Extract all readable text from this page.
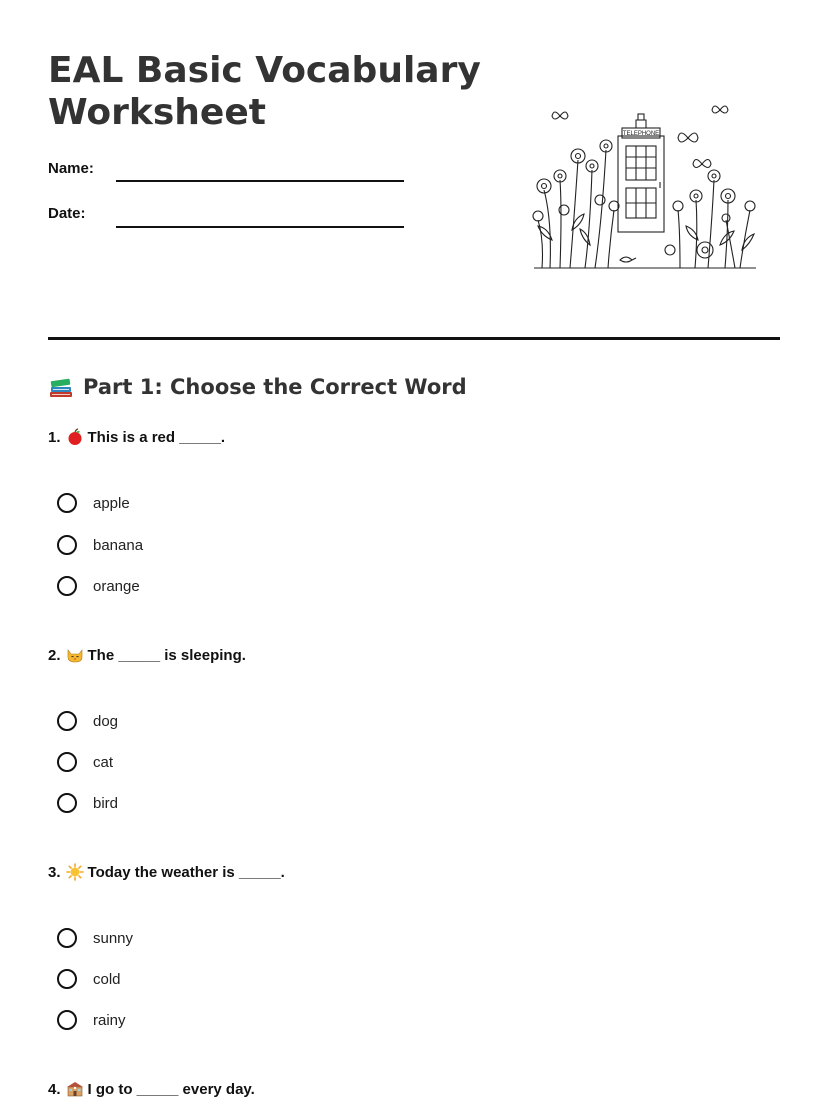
EAL Basic Vocabulary Worksheet
Name:
Date:
TELEPHONE
Part 1: Choose the Correct Word
1. This is a red _____.
apple
banana
orange
2. The _____ is sleeping.
dog
cat
bird
3. Today the weather is _____.
sunny
cold
rainy
4. I go to _____ every day.
